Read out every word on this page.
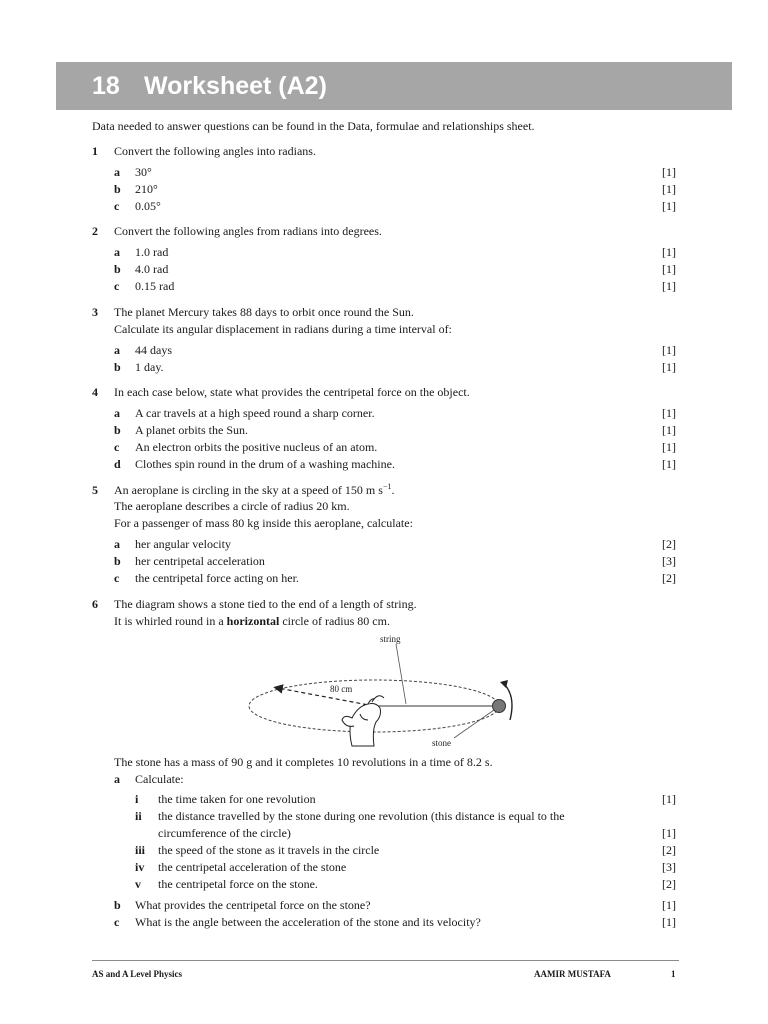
18 Worksheet (A2)
Data needed to answer questions can be found in the Data, formulae and relationships sheet.
1 Convert the following angles into radians.
a 30°	[1]
b 210°	[1]
c 0.05°	[1]
2 Convert the following angles from radians into degrees.
a 1.0 rad	[1]
b 4.0 rad	[1]
c 0.15 rad	[1]
3 The planet Mercury takes 88 days to orbit once round the Sun.
Calculate its angular displacement in radians during a time interval of:
a 44 days	[1]
b 1 day.	[1]
4 In each case below, state what provides the centripetal force on the object.
a A car travels at a high speed round a sharp corner.	[1]
b A planet orbits the Sun.	[1]
c An electron orbits the positive nucleus of an atom.	[1]
d Clothes spin round in the drum of a washing machine.	[1]
5 An aeroplane is circling in the sky at a speed of 150 m $s^{-1}$.
The aeroplane describes a circle of radius 20 km.
For a passenger of mass 80 kg inside this aeroplane, calculate:
a her angular velocity	[2]
b her centripetal acceleration	[3]
c the centripetal force acting on her.	[2]
6 The diagram shows a stone tied to the end of a length of string.
It is whirled round in a horizontal circle of radius 80 cm.
string
80 cm
stone
The stone has a mass of 90 g and it completes 10 revolutions in a time of 8.2 s.
a Calculate:
i the time taken for one revolution	[1]
ii the distance travelled by the stone during one revolution (this distance is equal to the
circumference of the circle)	[1]
iii the speed of the stone as it travels in the circle	[2]
iv the centripetal acceleration of the stone	[3]
v the centripetal force on the stone.	[2]
b What provides the centripetal force on the stone?	[1]
c What is the angle between the acceleration of the stone and its velocity?	[1]
AS and A Level Physics	AAMIR MUSTAFA	1
